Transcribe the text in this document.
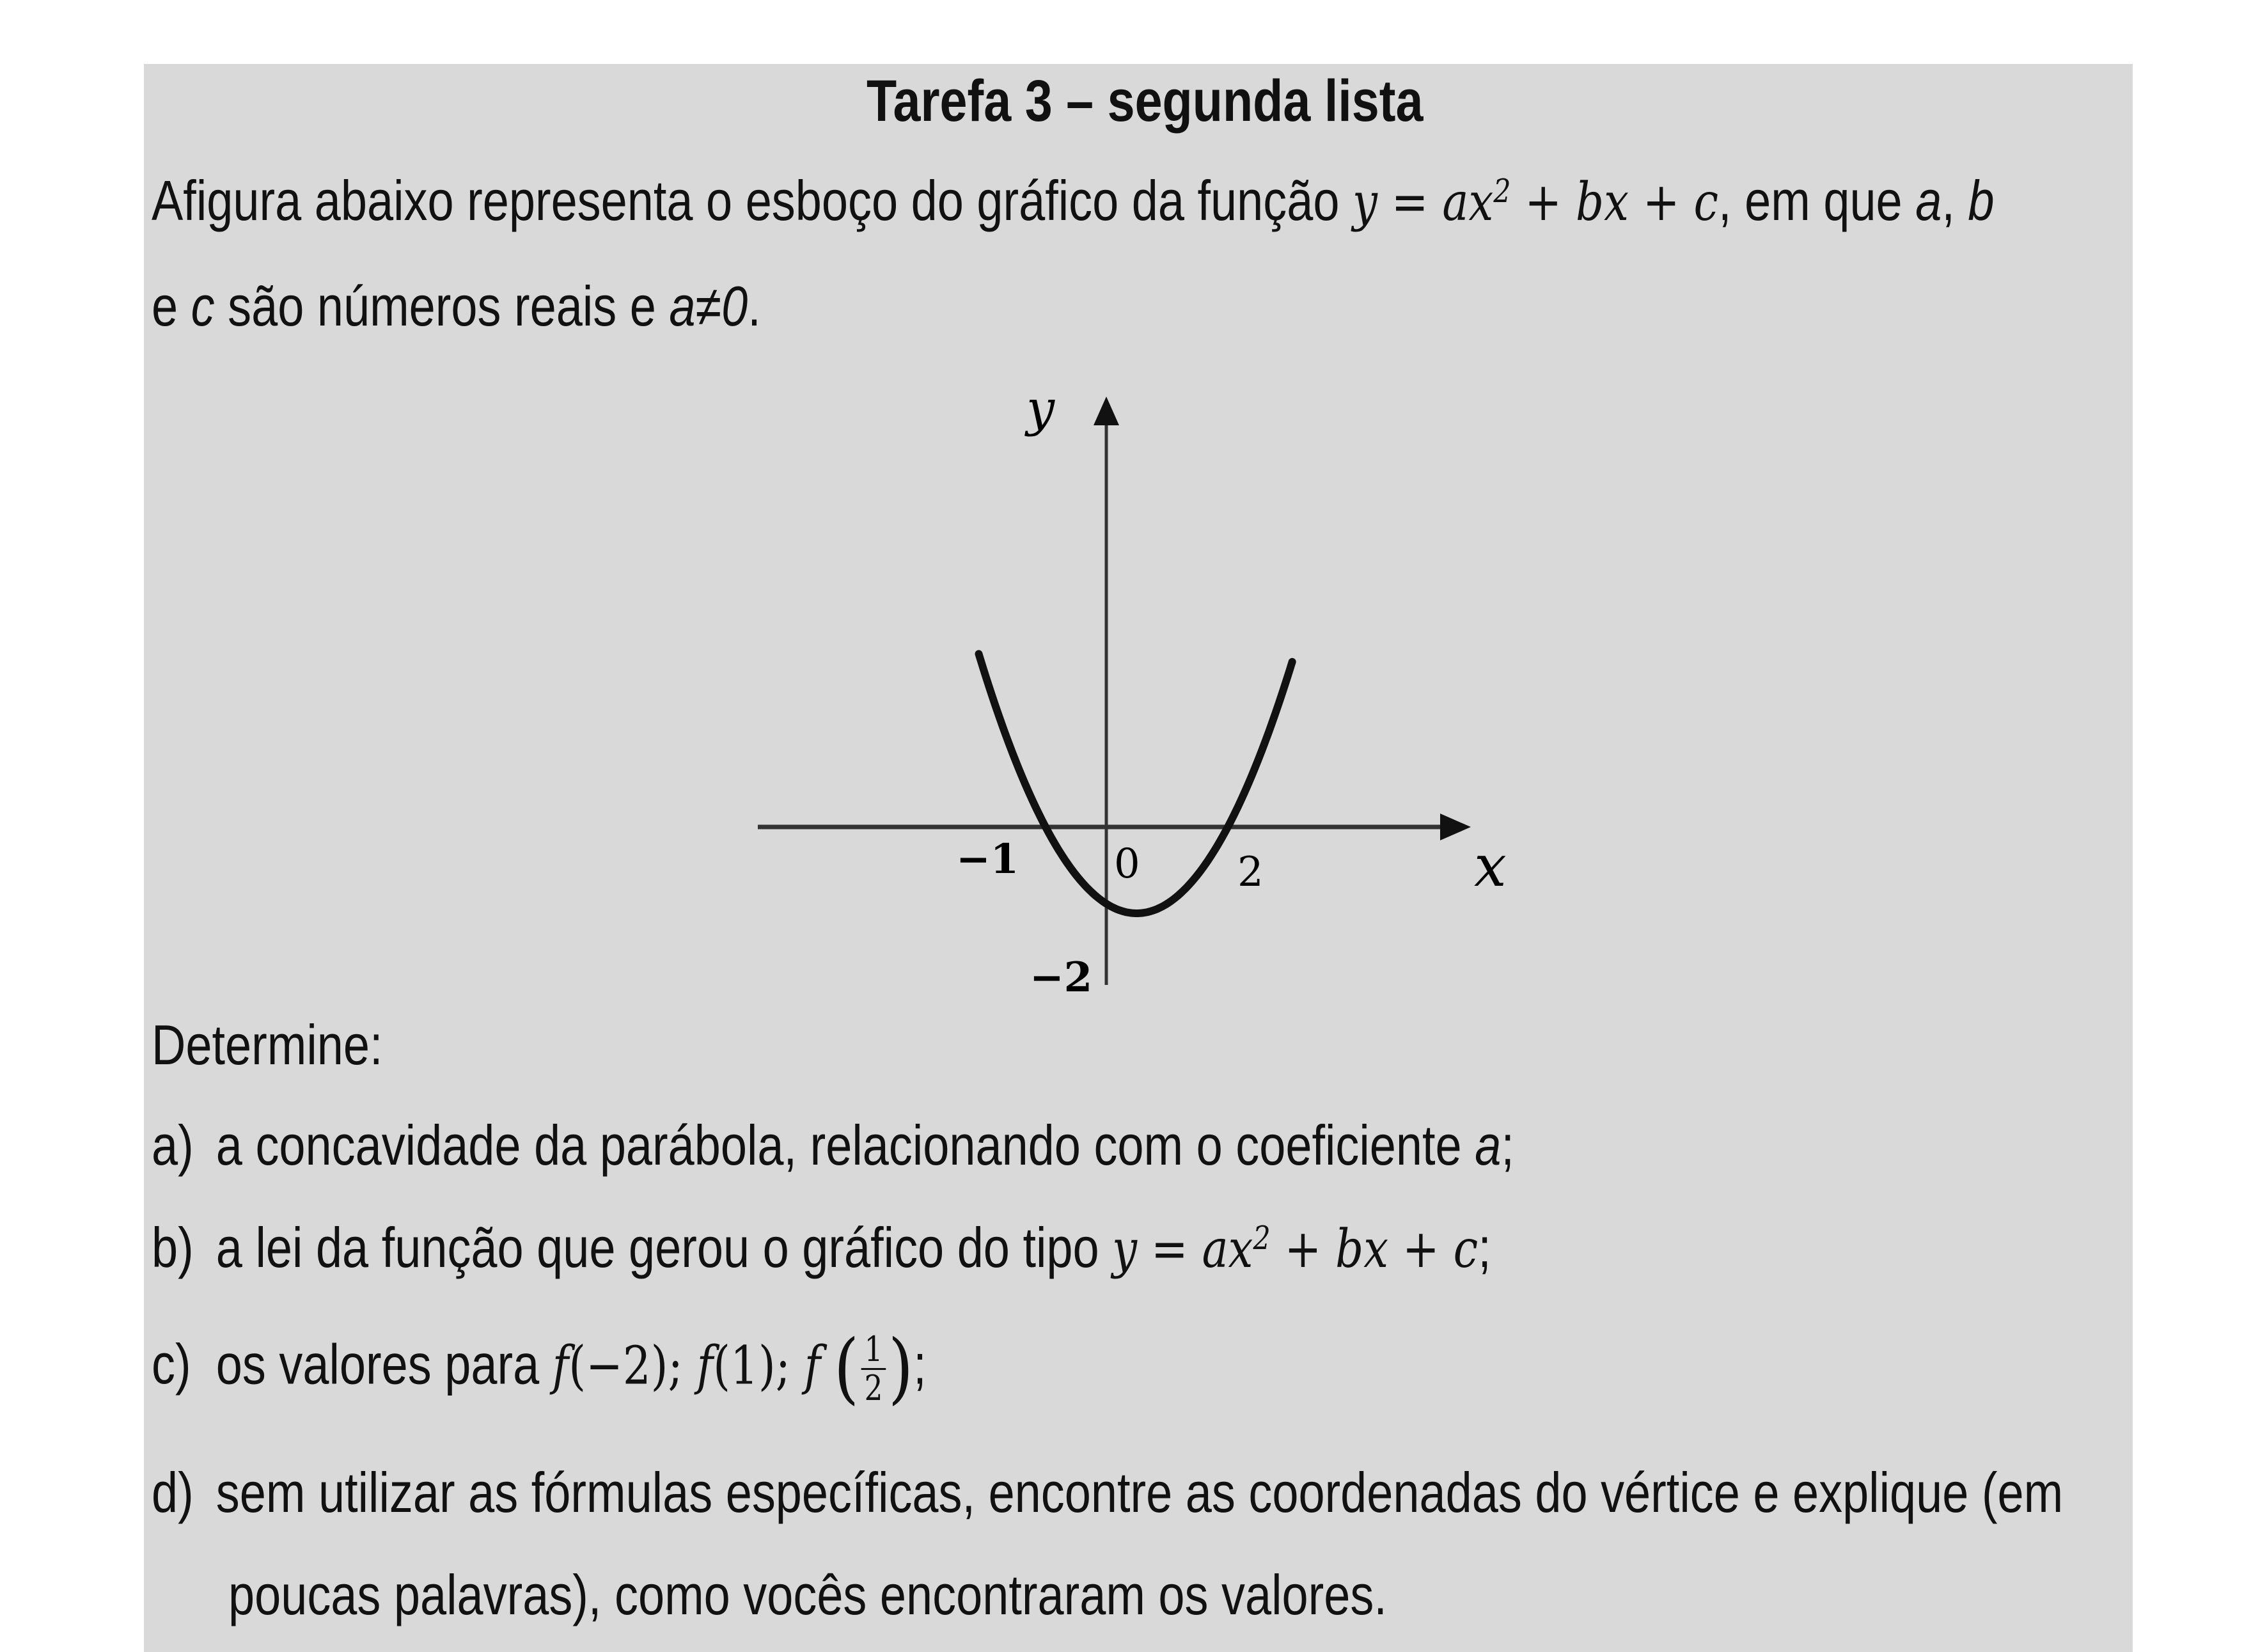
Tarefa 3 – segunda lista
Afigura abaixo representa o esboço do gráfico da função $y = ax^2$ + bx + c, em que a, b
e c são números reais e a≠0.
y
x
−1 0 2
−2
Determine:
a) a concavidade da parábola, relacionando com o coeficiente a;
b) a lei da função que gerou o gráfico do tipo $y = ax^2$ + bx + c;
c) os valores para f(−2); f(1); f ( $\frac{1}{2}$ );
d) sem utilizar as fórmulas específicas, encontre as coordenadas do vértice e explique (em
poucas palavras), como vocês encontraram os valores.
